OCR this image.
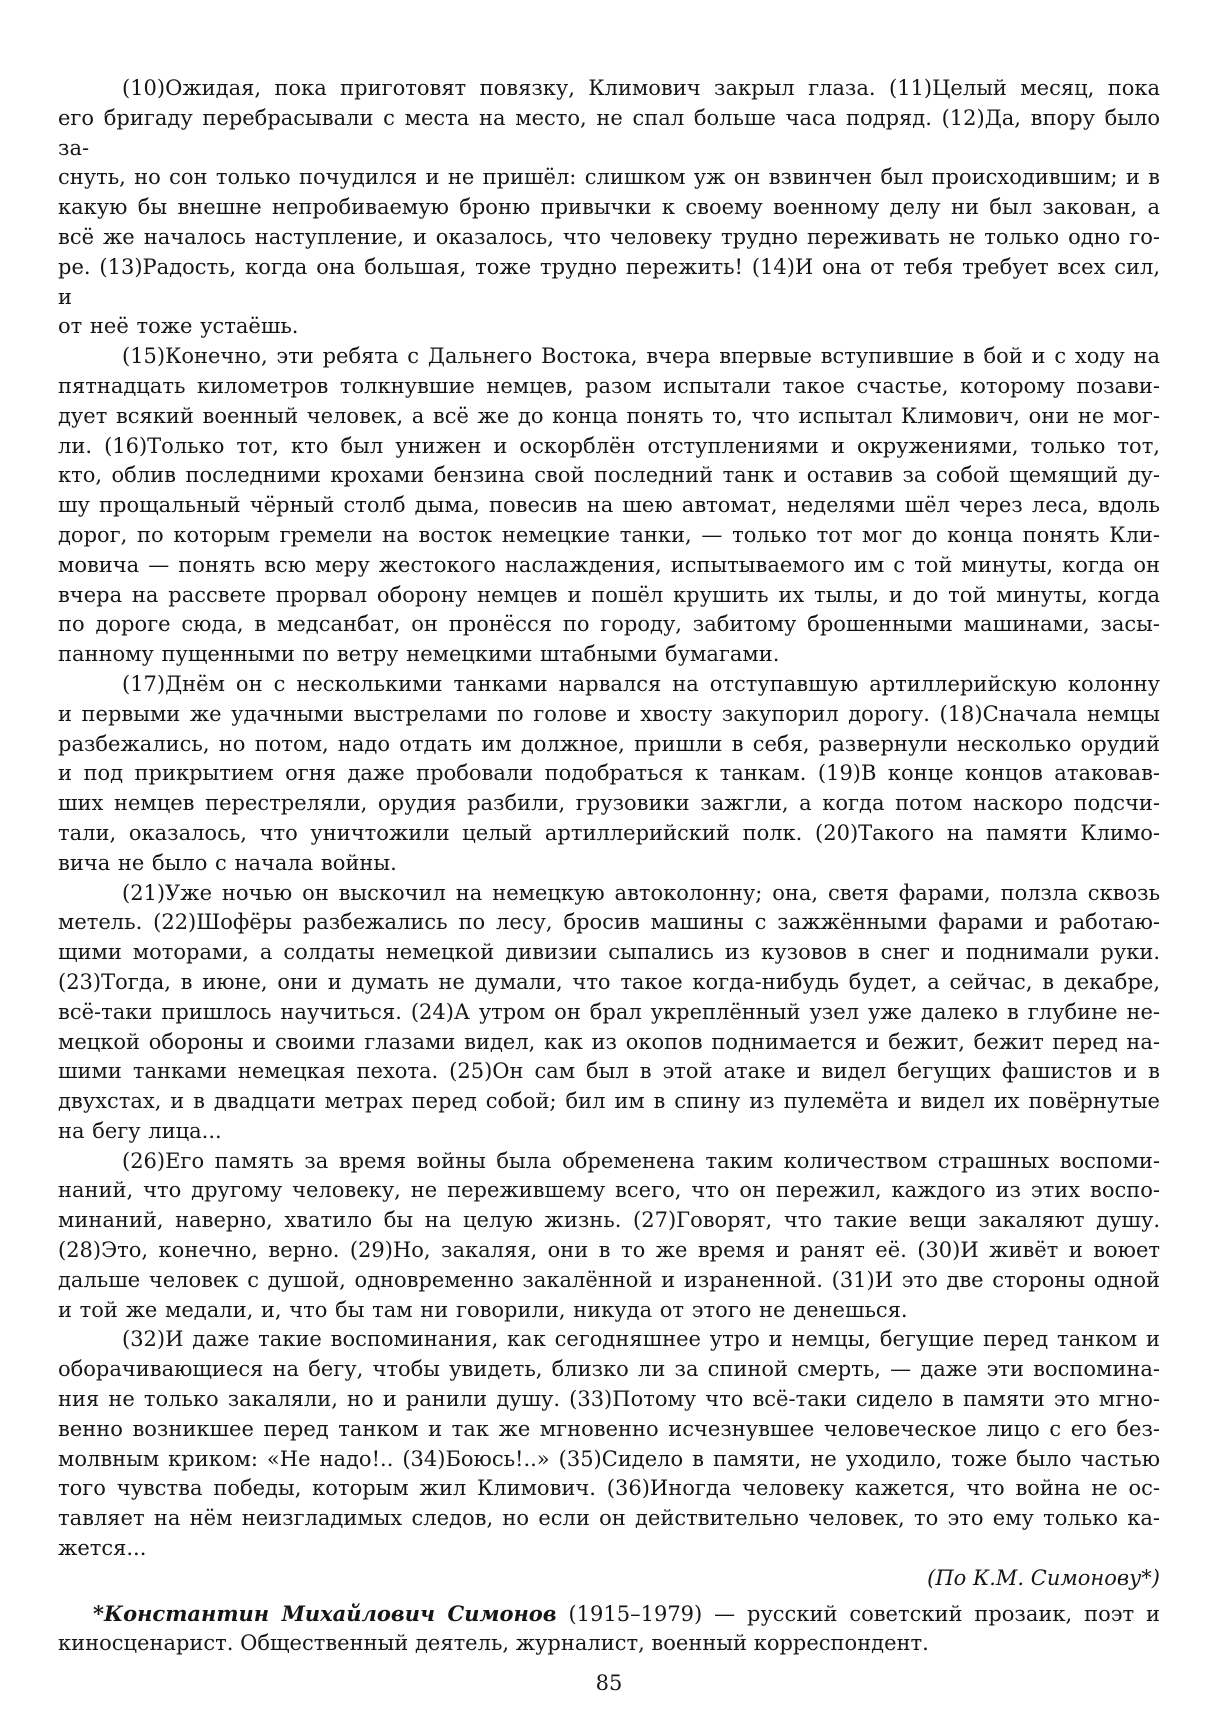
(10)Ожидая, пока приготовят повязку, Климович закрыл глаза. (11)Целый месяц, пока
его бригаду перебрасывали с места на место, не спал больше часа подряд. (12)Да, впору было за-
снуть, но сон только почудился и не пришёл: слишком уж он взвинчен был происходившим; и в
какую бы внешне непробиваемую броню привычки к своему военному делу ни был закован, а
всё же началось наступление, и оказалось, что человеку трудно переживать не только одно го-
ре. (13)Радость, когда она большая, тоже трудно пережить! (14)И она от тебя требует всех сил, и
от неё тоже устаёшь.
(15)Конечно, эти ребята с Дальнего Востока, вчера впервые вступившие в бой и с ходу на
пятнадцать километров толкнувшие немцев, разом испытали такое счастье, которому позави-
дует всякий военный человек, а всё же до конца понять то, что испытал Климович, они не мог-
ли. (16)Только тот, кто был унижен и оскорблён отступлениями и окружениями, только тот,
кто, облив последними крохами бензина свой последний танк и оставив за собой щемящий ду-
шу прощальный чёрный столб дыма, повесив на шею автомат, неделями шёл через леса, вдоль
дорог, по которым гремели на восток немецкие танки, — только тот мог до конца понять Кли-
мовича — понять всю меру жестокого наслаждения, испытываемого им с той минуты, когда он
вчера на рассвете прорвал оборону немцев и пошёл крушить их тылы, и до той минуты, когда
по дороге сюда, в медсанбат, он пронёсся по городу, забитому брошенными машинами, засы-
панному пущенными по ветру немецкими штабными бумагами.
(17)Днём он с несколькими танками нарвался на отступавшую артиллерийскую колонну
и первыми же удачными выстрелами по голове и хвосту закупорил дорогу. (18)Сначала немцы
разбежались, но потом, надо отдать им должное, пришли в себя, развернули несколько орудий
и под прикрытием огня даже пробовали подобраться к танкам. (19)В конце концов атаковав-
ших немцев перестреляли, орудия разбили, грузовики зажгли, а когда потом наскоро подсчи-
тали, оказалось, что уничтожили целый артиллерийский полк. (20)Такого на памяти Климо-
вича не было с начала войны.
(21)Уже ночью он выскочил на немецкую автоколонну; она, светя фарами, ползла сквозь
метель. (22)Шофёры разбежались по лесу, бросив машины с зажжёнными фарами и работаю-
щими моторами, а солдаты немецкой дивизии сыпались из кузовов в снег и поднимали руки.
(23)Тогда, в июне, они и думать не думали, что такое когда-нибудь будет, а сейчас, в декабре,
всё-таки пришлось научиться. (24)А утром он брал укреплённый узел уже далеко в глубине не-
мецкой обороны и своими глазами видел, как из окопов поднимается и бежит, бежит перед на-
шими танками немецкая пехота. (25)Он сам был в этой атаке и видел бегущих фашистов и в
двухстах, и в двадцати метрах перед собой; бил им в спину из пулемёта и видел их повёрнутые
на бегу лица...
(26)Его память за время войны была обременена таким количеством страшных воспоми-
наний, что другому человеку, не пережившему всего, что он пережил, каждого из этих воспо-
минаний, наверно, хватило бы на целую жизнь. (27)Говорят, что такие вещи закаляют душу.
(28)Это, конечно, верно. (29)Но, закаляя, они в то же время и ранят её. (30)И живёт и воюет
дальше человек с душой, одновременно закалённой и израненной. (31)И это две стороны одной
и той же медали, и, что бы там ни говорили, никуда от этого не денешься.
(32)И даже такие воспоминания, как сегодняшнее утро и немцы, бегущие перед танком и
оборачивающиеся на бегу, чтобы увидеть, близко ли за спиной смерть, — даже эти воспомина-
ния не только закаляли, но и ранили душу. (33)Потому что всё-таки сидело в памяти это мгно-
венно возникшее перед танком и так же мгновенно исчезнувшее человеческое лицо с его без-
молвным криком: «Не надо!.. (34)Боюсь!..» (35)Сидело в памяти, не уходило, тоже было частью
того чувства победы, которым жил Климович. (36)Иногда человеку кажется, что война не ос-
тавляет на нём неизгладимых следов, но если он действительно человек, то это ему только ка-
жется...
(По К.М. Симонову*)
*Константин Михайлович Симонов (1915–1979) — русский советский прозаик, поэт и
киносценарист. Общественный деятель, журналист, военный корреспондент.
85
